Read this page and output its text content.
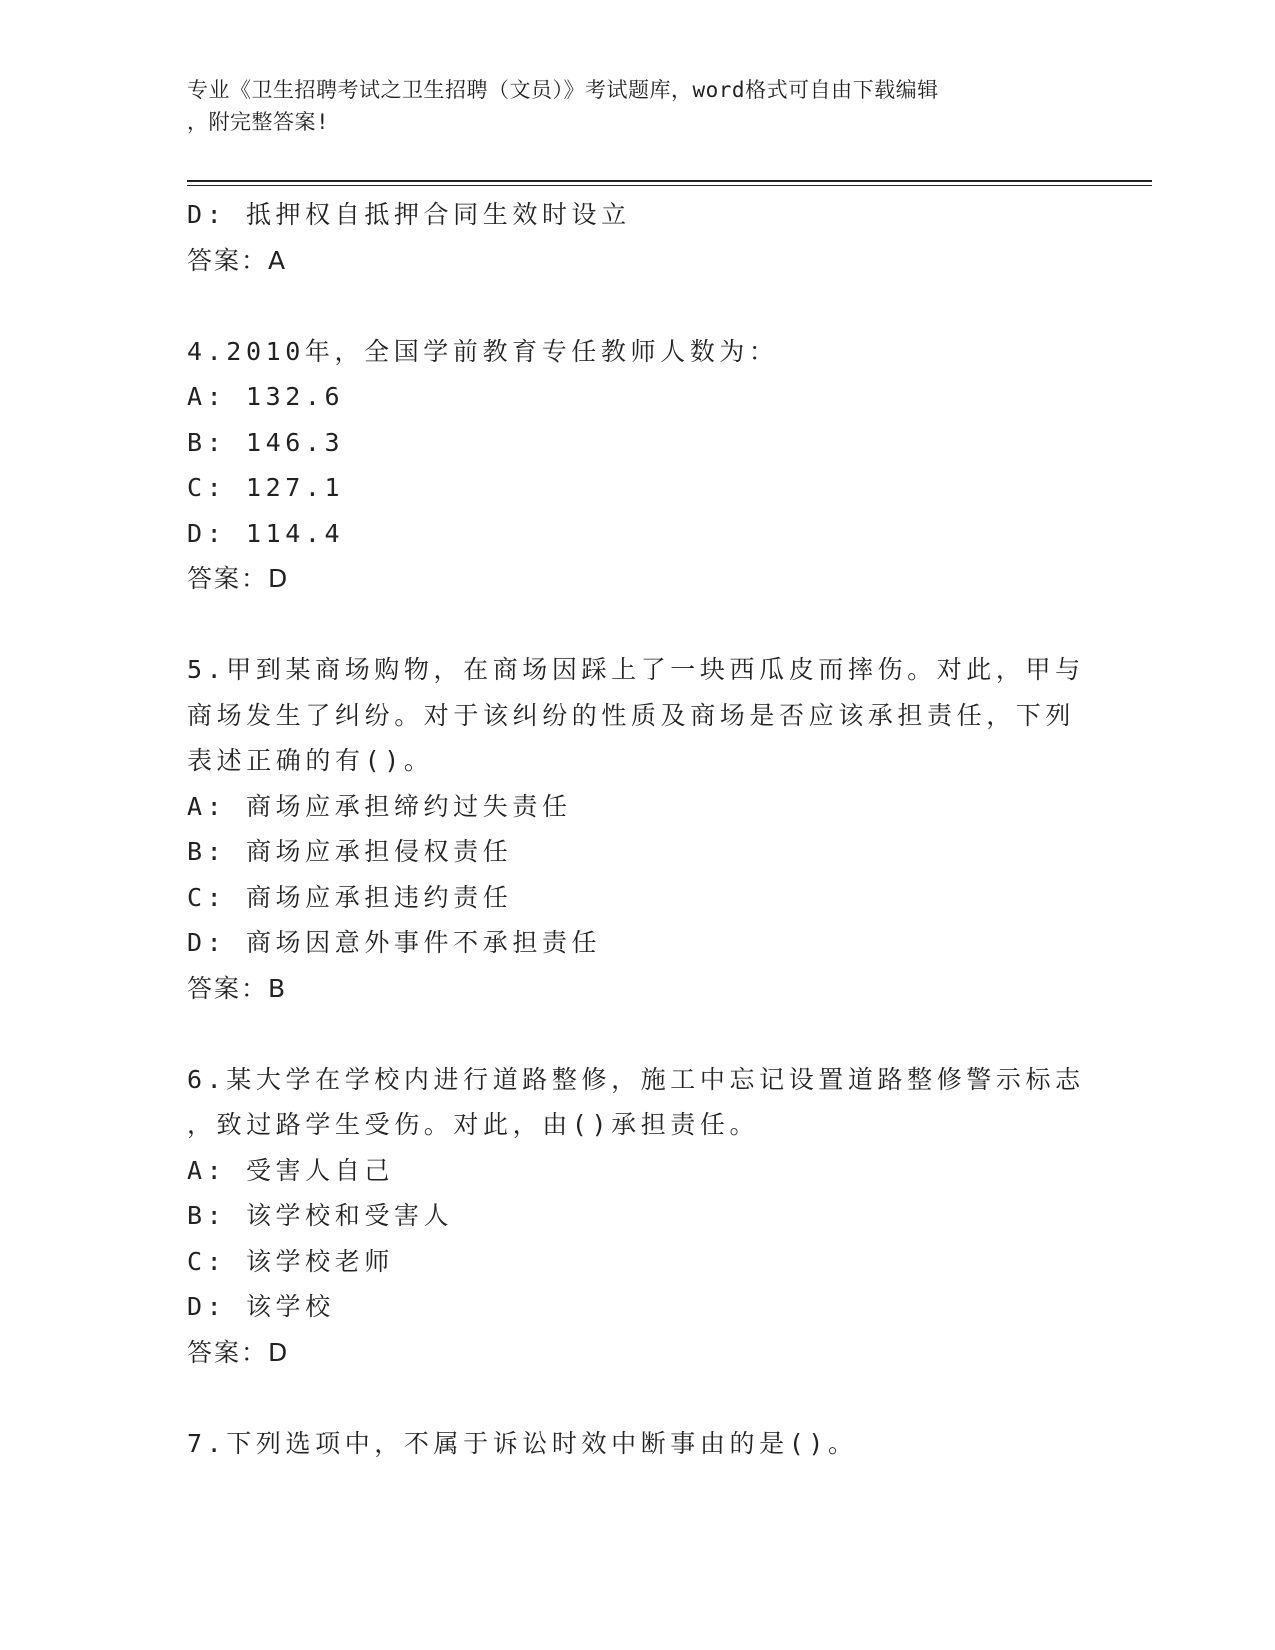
专业《卫生招聘考试之卫生招聘（文员）》考试题库，word格式可自由下载编辑
，附完整答案!
D: 抵押权自抵押合同生效时设立
答案：A
4.2010年，全国学前教育专任教师人数为：
A: 132.6
B: 146.3
C: 127.1
D: 114.4
答案：D
5.甲到某商场购物，在商场因踩上了一块西瓜皮而摔伤。对此，甲与
商场发生了纠纷。对于该纠纷的性质及商场是否应该承担责任，下列
表述正确的有()。
A: 商场应承担缔约过失责任
B: 商场应承担侵权责任
C: 商场应承担违约责任
D: 商场因意外事件不承担责任
答案：B
6.某大学在学校内进行道路整修，施工中忘记设置道路整修警示标志
，致过路学生受伤。对此，由()承担责任。
A: 受害人自己
B: 该学校和受害人
C: 该学校老师
D: 该学校
答案：D
7.下列选项中，不属于诉讼时效中断事由的是()。
